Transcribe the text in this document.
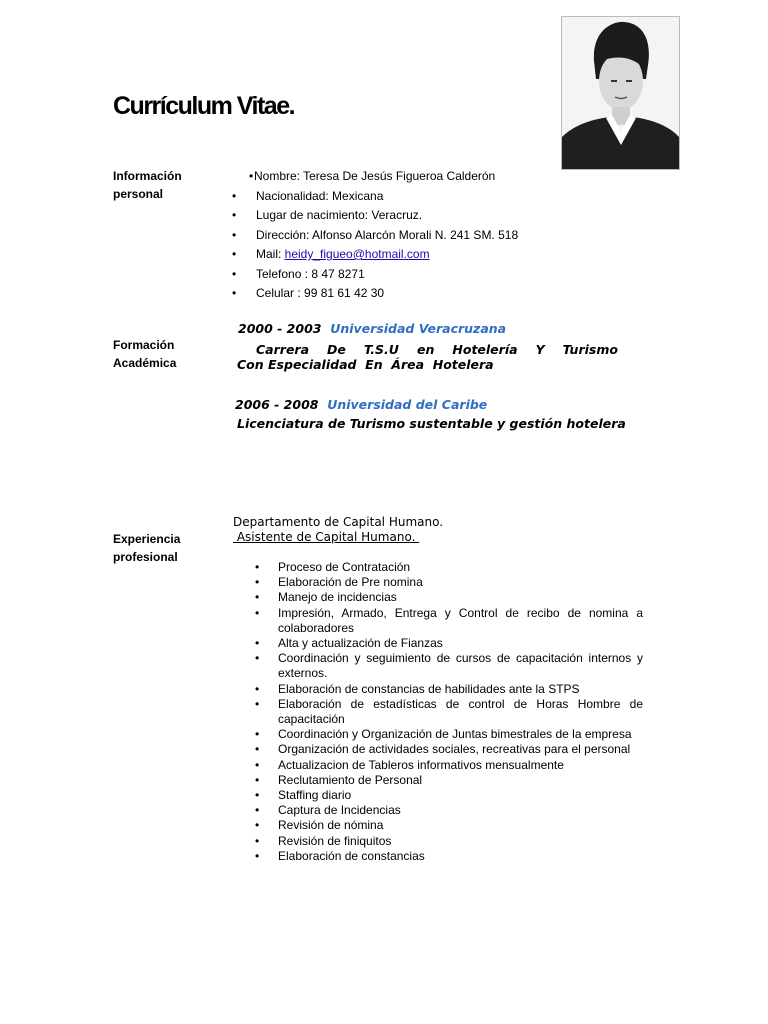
Currículum Vitae.
Información personal
• Nombre: Teresa De Jesús Figueroa Calderón
• Nacionalidad: Mexicana
• Lugar de nacimiento: Veracruz.
• Dirección: Alfonso Alarcón Morali N. 241 SM. 518
• Mail: heidy_figueo@hotmail.com
• Telefono : 8 47 8271
• Celular : 99 81 61 42 30
Formación Académica
2000 - 2003 Universidad Veracruzana
Carrera De T.S.U en Hotelería Y Turismo
Con Especialidad  En  Área  Hotelera
2006 - 2008 Universidad del Caribe
Licenciatura de Turismo sustentable y gestión hotelera
Experiencia profesional
Departamento de Capital Humano.
Asistente de Capital Humano.
• Proceso de Contratación
• Elaboración de Pre nomina
• Manejo de incidencias
• Impresión, Armado, Entrega y Control de recibo de nomina a colaboradores
• Alta y actualización de Fianzas
• Coordinación y seguimiento de cursos de capacitación internos y externos.
• Elaboración de constancias de habilidades ante la STPS
• Elaboración de estadísticas de control de Horas Hombre de capacitación
• Coordinación y Organización de Juntas bimestrales de la empresa
• Organización de actividades sociales, recreativas para el personal
• Actualizacion de Tableros informativos mensualmente
• Reclutamiento de Personal
• Staffing diario
• Captura de Incidencias
• Revisión de nómina
• Revisión de finiquitos
• Elaboración de constancias
